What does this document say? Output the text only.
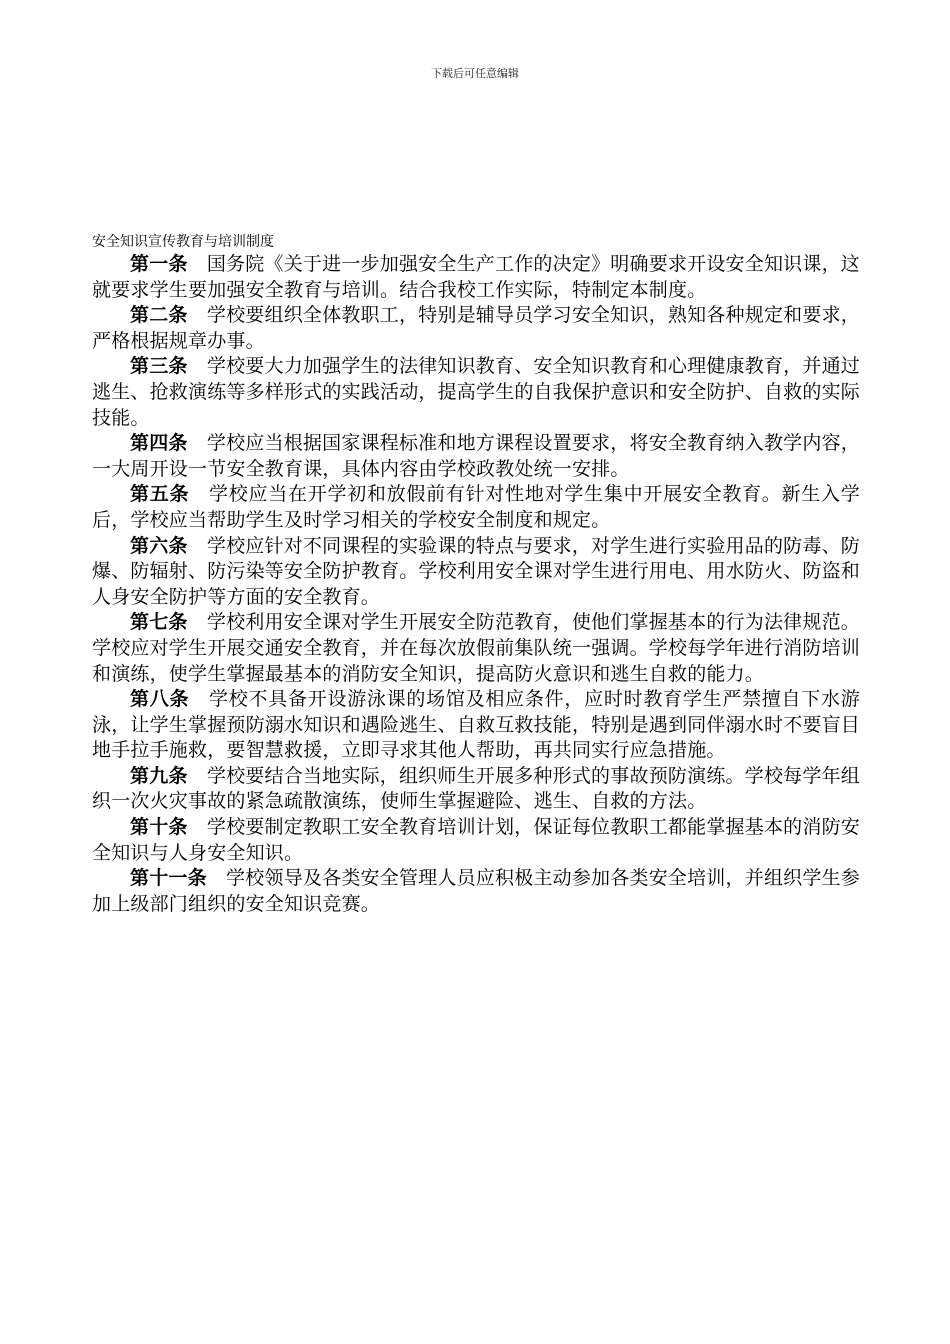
下载后可任意编辑
安全知识宣传教育与培训制度

第一条  国务院《关于进一步加强安全生产工作的决定》明确要求开设安全知识课，这就要求学生要加强安全教育与培训。结合我校工作实际，特制定本制度。

第二条  学校要组织全体教职工，特别是辅导员学习安全知识，熟知各种规定和要求，严格根据规章办事。

第三条  学校要大力加强学生的法律知识教育、安全知识教育和心理健康教育，并通过逃生、抢救演练等多样形式的实践活动，提高学生的自我保护意识和安全防护、自救的实际技能。

第四条  学校应当根据国家课程标准和地方课程设置要求，将安全教育纳入教学内容，一大周开设一节安全教育课，具体内容由学校政教处统一安排。

第五条  学校应当在开学初和放假前有针对性地对学生集中开展安全教育。新生入学后，学校应当帮助学生及时学习相关的学校安全制度和规定。

第六条  学校应针对不同课程的实验课的特点与要求，对学生进行实验用品的防毒、防爆、防辐射、防污染等安全防护教育。学校利用安全课对学生进行用电、用水防火、防盗和人身安全防护等方面的安全教育。

第七条  学校利用安全课对学生开展安全防范教育，使他们掌握基本的行为法律规范。学校应对学生开展交通安全教育，并在每次放假前集队统一强调。学校每学年进行消防培训和演练，使学生掌握最基本的消防安全知识，提高防火意识和逃生自救的能力。

第八条  学校不具备开设游泳课的场馆及相应条件，应时时教育学生严禁擅自下水游泳，让学生掌握预防溺水知识和遇险逃生、自救互救技能，特别是遇到同伴溺水时不要盲目地手拉手施救，要智慧救援，立即寻求其他人帮助，再共同实行应急措施。

第九条  学校要结合当地实际，组织师生开展多种形式的事故预防演练。学校每学年组织一次火灾事故的紧急疏散演练，使师生掌握避险、逃生、自救的方法。

第十条  学校要制定教职工安全教育培训计划，保证每位教职工都能掌握基本的消防安全知识与人身安全知识。

第十一条  学校领导及各类安全管理人员应积极主动参加各类安全培训，并组织学生参加上级部门组织的安全知识竞赛。
